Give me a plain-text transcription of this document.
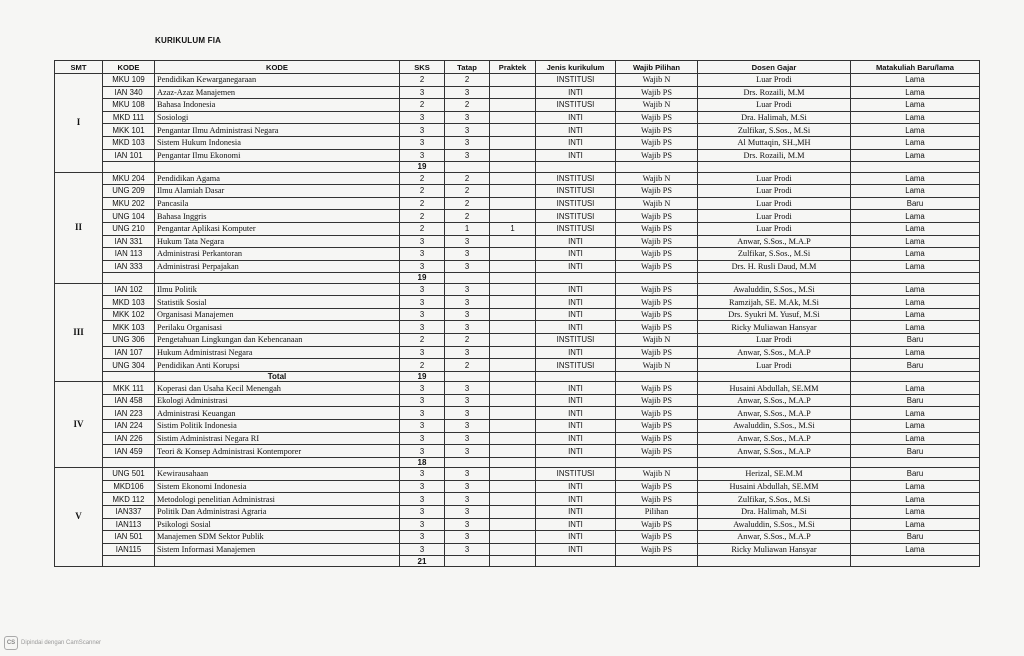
KURIKULUM FIA
SMT	KODE	KODE	SKS	Tatap	Praktek	Jenis kurikulum	Wajib Pilihan	Dosen Gajar	Matakuliah Baru/lama
I	MKU 109	Pendidikan Kewarganegaraan	2	2		INSTITUSI	Wajib N	Luar Prodi	Lama
	IAN 340	Azaz-Azaz Manajemen	3	3		INTI	Wajib PS	Drs. Rozaili, M.M	Lama
	MKU 108	Bahasa Indonesia	2	2		INSTITUSI	Wajib N	Luar Prodi	Lama
	MKD 111	Sosiologi	3	3		INTI	Wajib PS	Dra. Halimah, M.Si	Lama
	MKK 101	Pengantar Ilmu Administrasi Negara	3	3		INTI	Wajib PS	Zulfikar, S.Sos., M.Si	Lama
	MKD 103	Sistem Hukum Indonesia	3	3		INTI	Wajib PS	Al Muttaqin, SH.,MH	Lama
	IAN 101	Pengantar Ilmu Ekonomi	3	3		INTI	Wajib PS	Drs. Rozaili, M.M	Lama
			19						
II	MKU 204	Pendidikan Agama	2	2		INSTITUSI	Wajib N	Luar Prodi	Lama
	UNG 209	Ilmu Alamiah Dasar	2	2		INSTITUSI	Wajib PS	Luar Prodi	Lama
	MKU 202	Pancasila	2	2		INSTITUSI	Wajib N	Luar Prodi	Baru
	UNG 104	Bahasa Inggris	2	2		INSTITUSI	Wajib PS	Luar Prodi	Lama
	UNG 210	Pengantar Aplikasi Komputer	2	1	1	INSTITUSI	Wajib PS	Luar Prodi	Lama
	IAN 331	Hukum Tata Negara	3	3		INTI	Wajib PS	Anwar, S.Sos., M.A.P	Lama
	IAN 113	Administrasi Perkantoran	3	3		INTI	Wajib PS	Zulfikar, S.Sos., M.Si	Lama
	IAN 333	Administrasi Perpajakan	3	3		INTI	Wajib PS	Drs. H. Rusli Daud, M.M	Lama
			19						
III	IAN 102	Ilmu Politik	3	3		INTI	Wajib PS	Awaluddin, S.Sos., M.Si	Lama
	MKD 103	Statistik Sosial	3	3		INTI	Wajib PS	Ramzijah, SE. M.Ak, M.Si	Lama
	MKK 102	Organisasi Manajemen	3	3		INTI	Wajib PS	Drs. Syukri M. Yusuf, M.Si	Lama
	MKK 103	Perilaku Organisasi	3	3		INTI	Wajib PS	Ricky Muliawan Hansyar	Lama
	UNG 306	Pengetahuan Lingkungan dan Kebencanaan	2	2		INSTITUSI	Wajib N	Luar Prodi	Baru
	IAN 107	Hukum Administrasi Negara	3	3		INTI	Wajib PS	Anwar, S.Sos., M.A.P	Lama
	UNG 304	Pendidikan Anti Korupsi	2	2		INSTITUSI	Wajib N	Luar Prodi	Baru
		Total	19						
IV	MKK 111	Koperasi dan Usaha Kecil Menengah	3	3		INTI	Wajib PS	Husaini Abdullah, SE.MM	Lama
	IAN 458	Ekologi Administrasi	3	3		INTI	Wajib PS	Anwar, S.Sos., M.A.P	Baru
	IAN 223	Administrasi Keuangan	3	3		INTI	Wajib PS	Anwar, S.Sos., M.A.P	Lama
	IAN 224	Sistim Politik Indonesia	3	3		INTI	Wajib PS	Awaluddin, S.Sos., M.Si	Lama
	IAN 226	Sistim Administrasi Negara RI	3	3		INTI	Wajib PS	Anwar, S.Sos., M.A.P	Lama
	IAN 459	Teori & Konsep Administrasi Kontemporer	3	3		INTI	Wajib PS	Anwar, S.Sos., M.A.P	Baru
			18						
V	UNG 501	Kewirausahaan	3	3		INSTITUSI	Wajib N	Herizal, SE.M.M	Baru
	MKD106	Sistem Ekonomi Indonesia	3	3		INTI	Wajib PS	Husaini Abdullah, SE.MM	Lama
	MKD 112	Metodologi penelitian Administrasi	3	3		INTI	Wajib PS	Zulfikar, S.Sos., M.Si	Lama
	IAN337	Politik Dan Administrasi Agraria	3	3		INTI	Pilihan	Dra. Halimah, M.Si	Lama
	IAN113	Psikologi Sosial	3	3		INTI	Wajib PS	Awaluddin, S.Sos., M.Si	Lama
	IAN 501	Manajemen SDM Sektor Publik	3	3		INTI	Wajib PS	Anwar, S.Sos., M.A.P	Baru
	IAN115	Sistem Informasi Manajemen	3	3		INTI	Wajib PS	Ricky Muliawan Hansyar	Lama
			21						
CS Dipindai dengan CamScanner
